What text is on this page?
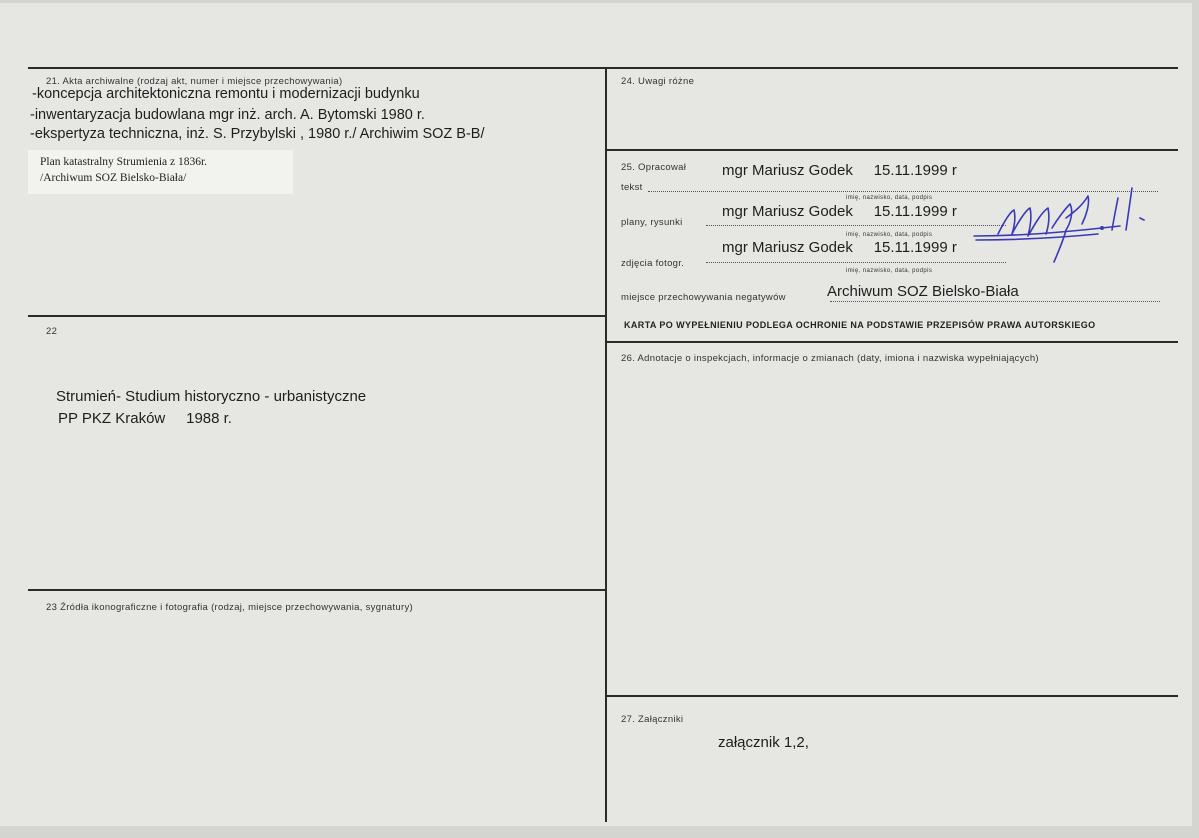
21. Akta archiwalne (rodzaj akt, numer i miejsce przechowywania)
-koncepcja architektoniczna remontu i modernizacji budynku
-inwentaryzacja budowlana mgr inż. arch. A. Bytomski 1980 r.
-ekspertyza techniczna, inż. S. Przybylski , 1980 r./ Archiwim SOZ B-B/
Plan katastralny Strumienia z 1836r.
/Archiwum SOZ Bielsko-Biała/
22
Strumień- Studium historyczno - urbanistyczne
PP PKZ Kraków     1988 r.
23 Źródła ikonograficzne i fotografia (rodzaj, miejsce przechowywania, sygnatury)
24. Uwagi różne
25. Opracował
tekst
mgr Mariusz Godek     15.11.1999 r
imię, nazwisko, data, podpis
plany, rysunki
mgr Mariusz Godek     15.11.1999 r
imię, nazwisko, data, podpis
zdjęcia fotogr.
mgr Mariusz Godek     15.11.1999 r
imię, nazwisko, data, podpis
miejsce przechowywania negatywów	Archiwum SOZ Bielsko-Biała
KARTA PO WYPEŁNIENIU PODLEGA OCHRONIE NA PODSTAWIE PRZEPISÓW PRAWA AUTORSKIEGO
26. Adnotacje o inspekcjach, informacje o zmianach (daty, imiona i nazwiska wypełniających)
27. Załączniki
załącznik 1,2,
